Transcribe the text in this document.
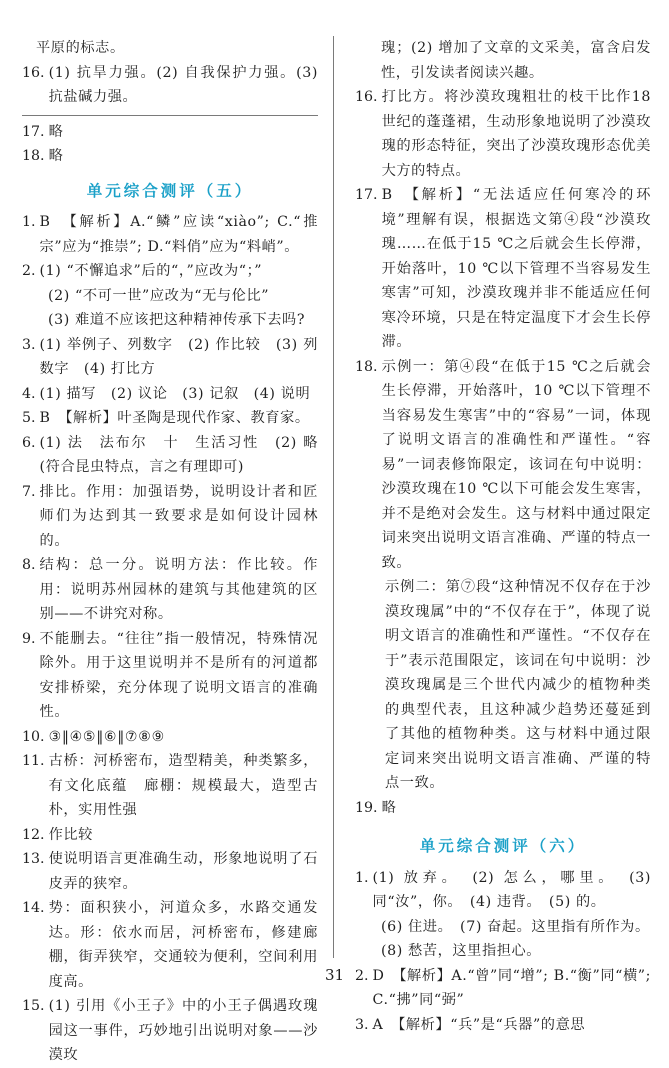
平原的标志。
16. (1) 抗旱力强。(2) 自我保护力强。(3) 抗盐碱力强。
17. 略
18. 略
单元综合测评（五）
1. B　【解析】A.“鳞”应读“xiào”; C.“推宗”应为“推崇”; D.“料俏”应为“料峭”。
2. (1) “不懈追求”后的“，”应改为“；”
(2) “不可一世”应改为“无与伦比”
(3) 难道不应该把这种精神传承下去吗?
3. (1) 举例子、列数字　(2) 作比较　(3) 列数字　(4) 打比方
4. (1) 描写　(2) 议论　(3) 记叙　(4) 说明
5. B　【解析】叶圣陶是现代作家、教育家。
6. (1) 法　法布尔　十　生活习性　(2) 略 (符合昆虫特点，言之有理即可)
7. 排比。作用：加强语势，说明设计者和匠师们为达到其一致要求是如何设计园林的。
8. 结构：总一分。说明方法：作比较。作用：说明苏州园林的建筑与其他建筑的区别——不讲究对称。
9. 不能删去。“往往”指一般情况，特殊情况除外。用于这里说明并不是所有的河道都安排桥梁，充分体现了说明文语言的准确性。
10. ③‖④⑤‖⑥‖⑦⑧⑨
11. 古桥：河桥密布，造型精美，种类繁多，有文化底蕴　廊棚：规模最大，造型古朴，实用性强
12. 作比较
13. 使说明语言更准确生动，形象地说明了石皮弄的狭窄。
14. 势：面积狭小，河道众多，水路交通发达。形：依水而居，河桥密布，修建廊棚，街弄狭窄，交通较为便利，空间利用度高。
15. (1) 引用《小王子》中的小王子偶遇玫瑰园这一事件，巧妙地引出说明对象——沙漠玫
瑰；(2) 增加了文章的文采美，富含启发性，引发读者阅读兴趣。
16. 打比方。将沙漠玫瑰粗壮的枝干比作18世纪的蓬蓬裙，生动形象地说明了沙漠玫瑰的形态特征，突出了沙漠玫瑰形态优美大方的特点。
17. B　【解析】“无法适应任何寒冷的环境”理解有误，根据选文第④段“沙漠玫瑰……在低于15 ℃之后就会生长停滞，开始落叶，10 ℃以下管理不当容易发生寒害”可知，沙漠玫瑰并非不能适应任何寒冷环境，只是在特定温度下才会生长停滞。
18. 示例一：第④段“在低于15 ℃之后就会生长停滞，开始落叶，10 ℃以下管理不当容易发生寒害”中的“容易”一词，体现了说明文语言的准确性和严谨性。“容易”一词表修饰限定，该词在句中说明：沙漠玫瑰在10 ℃以下可能会发生寒害，并不是绝对会发生。这与材料中通过限定词来突出说明文语言准确、严谨的特点一致。
示例二：第⑦段“这种情况不仅存在于沙漠玫瑰属”中的“不仅存在于”，体现了说明文语言的准确性和严谨性。“不仅存在于”表示范围限定，该词在句中说明：沙漠玫瑰属是三个世代内减少的植物种类的典型代表，且这种减少趋势还蔓延到了其他的植物种类。这与材料中通过限定词来突出说明文语言准确、严谨的特点一致。
19. 略
单元综合测评（六）
1. (1) 放弃。　(2) 怎么，哪里。　(3) 同“汝”，你。　(4) 违背。　(5) 的。
(6) 住进。　(7) 奋起。这里指有所作为。
(8) 愁苦，这里指担心。
2. D　【解析】A.“曾”同“增”; B.“衡”同“横”; C.“拂”同“弼”
3. A　【解析】“兵”是“兵器”的意思
31
